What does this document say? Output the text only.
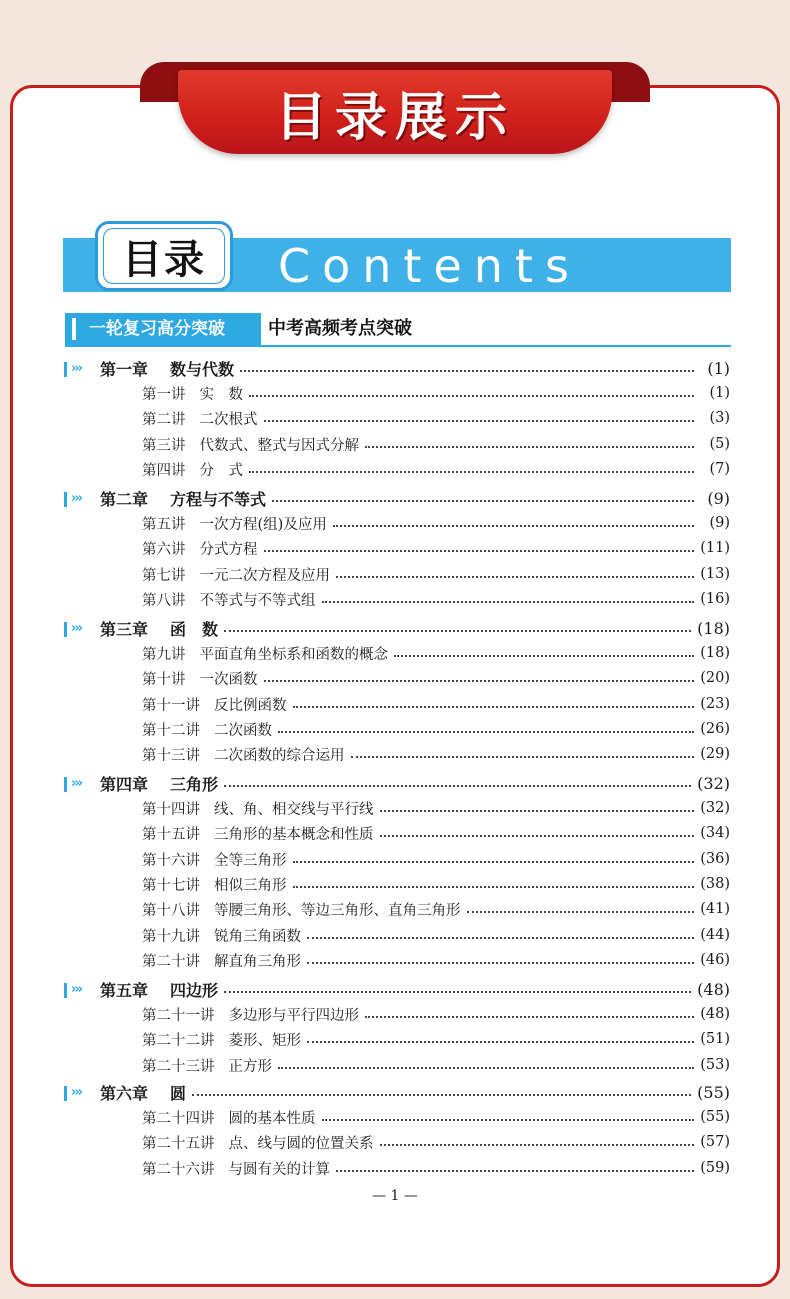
目录展示
Contents
目录
一轮复习高分突破	中考高频考点突破
›››	第一章 数与代数	(1)
第一讲 实　数	(1)
第二讲 二次根式	(3)
第三讲 代数式、整式与因式分解	(5)
第四讲 分　式	(7)
›››	第二章 方程与不等式	(9)
第五讲 一次方程(组)及应用	(9)
第六讲 分式方程	(11)
第七讲 一元二次方程及应用	(13)
第八讲 不等式与不等式组	(16)
›››	第三章 函　数	(18)
第九讲 平面直角坐标系和函数的概念	(18)
第十讲 一次函数	(20)
第十一讲 反比例函数	(23)
第十二讲 二次函数	(26)
第十三讲 二次函数的综合运用	(29)
›››	第四章 三角形	(32)
第十四讲 线、角、相交线与平行线	(32)
第十五讲 三角形的基本概念和性质	(34)
第十六讲 全等三角形	(36)
第十七讲 相似三角形	(38)
第十八讲 等腰三角形、等边三角形、直角三角形	(41)
第十九讲 锐角三角函数	(44)
第二十讲 解直角三角形	(46)
›››	第五章 四边形	(48)
第二十一讲 多边形与平行四边形	(48)
第二十二讲 菱形、矩形	(51)
第二十三讲 正方形	(53)
›››	第六章 圆	(55)
第二十四讲 圆的基本性质	(55)
第二十五讲 点、线与圆的位置关系	(57)
第二十六讲 与圆有关的计算	(59)
— 1 —
